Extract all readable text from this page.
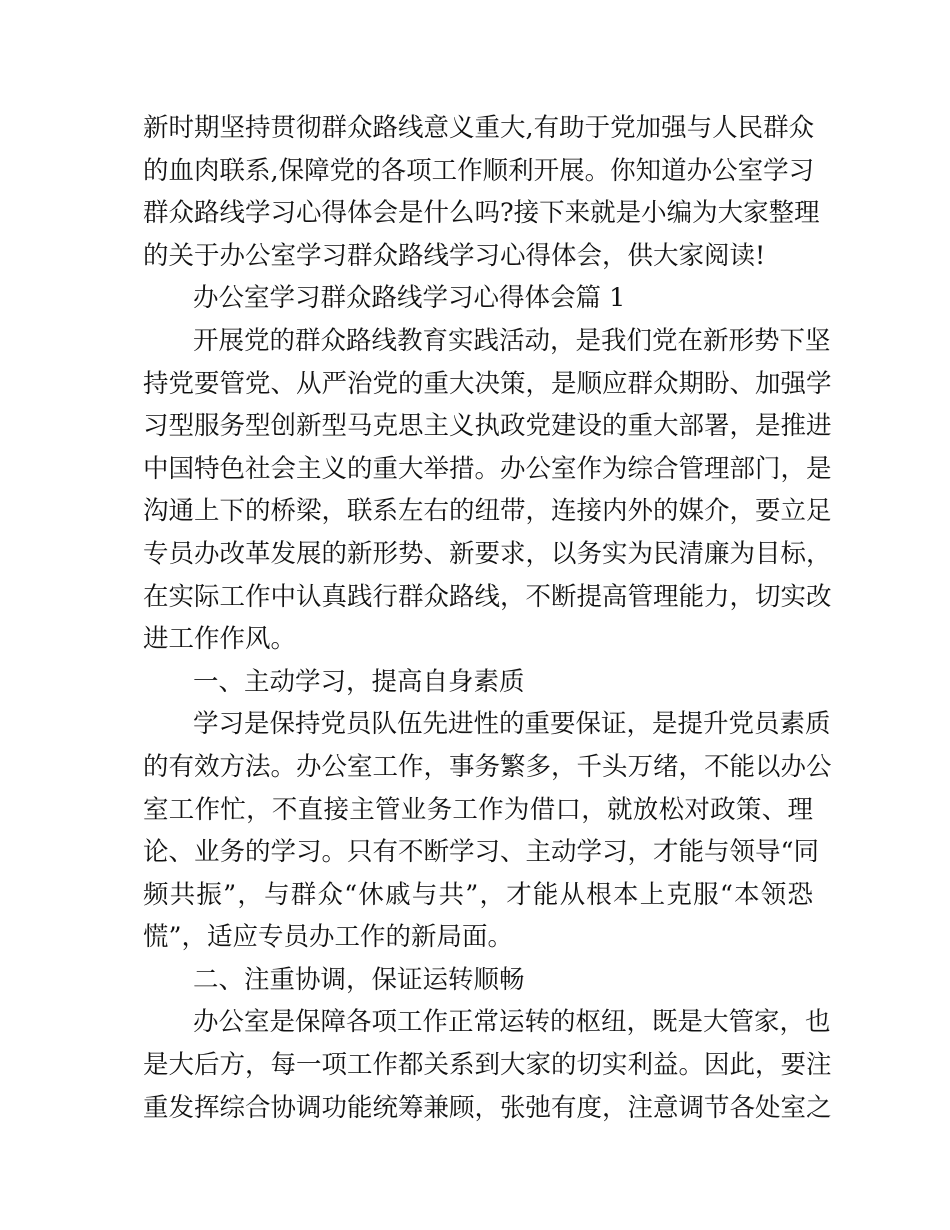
新时期坚持贯彻群众路线意义重大,有助于党加强与人民群众
的血肉联系,保障党的各项工作顺利开展。你知道办公室学习
群众路线学习心得体会是什么吗?接下来就是小编为大家整理
的关于办公室学习群众路线学习心得体会，供大家阅读!
办公室学习群众路线学习心得体会篇 1
开展党的群众路线教育实践活动，是我们党在新形势下坚
持党要管党、从严治党的重大决策，是顺应群众期盼、加强学
习型服务型创新型马克思主义执政党建设的重大部署，是推进
中国特色社会主义的重大举措。办公室作为综合管理部门，是
沟通上下的桥梁，联系左右的纽带，连接内外的媒介，要立足
专员办改革发展的新形势、新要求，以务实为民清廉为目标，
在实际工作中认真践行群众路线，不断提高管理能力，切实改
进工作作风。
一、主动学习，提高自身素质
学习是保持党员队伍先进性的重要保证，是提升党员素质
的有效方法。办公室工作，事务繁多，千头万绪，不能以办公
室工作忙，不直接主管业务工作为借口，就放松对政策、理
论、业务的学习。只有不断学习、主动学习，才能与领导“同
频共振”，与群众“休戚与共”，才能从根本上克服“本领恐
慌”，适应专员办工作的新局面。
二、注重协调，保证运转顺畅
办公室是保障各项工作正常运转的枢纽，既是大管家，也
是大后方，每一项工作都关系到大家的切实利益。因此，要注
重发挥综合协调功能统筹兼顾，张弛有度，注意调节各处室之
